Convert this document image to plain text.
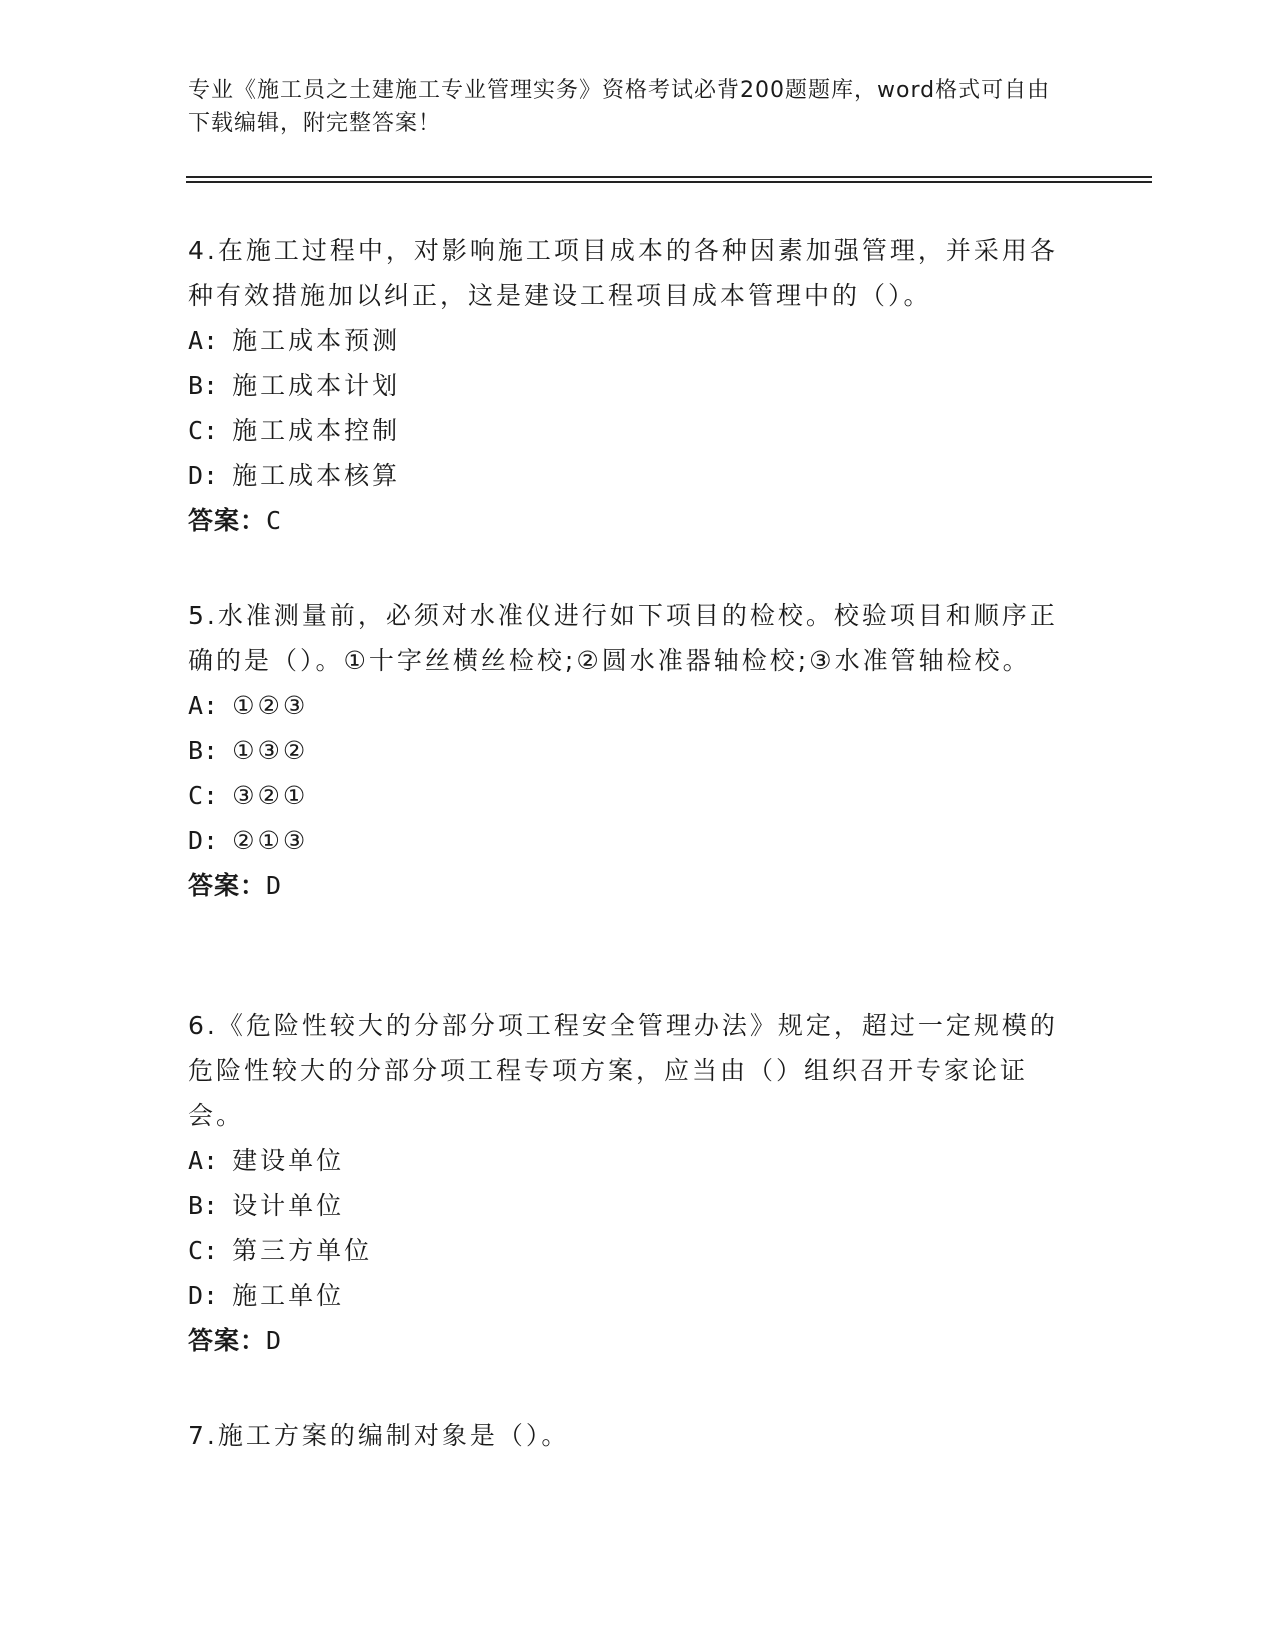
专业《施工员之土建施工专业管理实务》资格考试必背200题题库，word格式可自由下载编辑，附完整答案！

4.在施工过程中，对影响施工项目成本的各种因素加强管理，并采用各种有效措施加以纠正，这是建设工程项目成本管理中的（）。

A: 施工成本预测

B: 施工成本计划

C: 施工成本控制

D: 施工成本核算

答案：C

5.水准测量前，必须对水准仪进行如下项目的检校。校验项目和顺序正确的是（）。①十字丝横丝检校;②圆水准器轴检校;③水准管轴检校。

A: ①②③

B: ①③②

C: ③②①

D: ②①③

答案：D

6.《危险性较大的分部分项工程安全管理办法》规定，超过一定规模的危险性较大的分部分项工程专项方案，应当由（）组织召开专家论证会。

A: 建设单位

B: 设计单位

C: 第三方单位

D: 施工单位

答案：D

7.施工方案的编制对象是（）。
